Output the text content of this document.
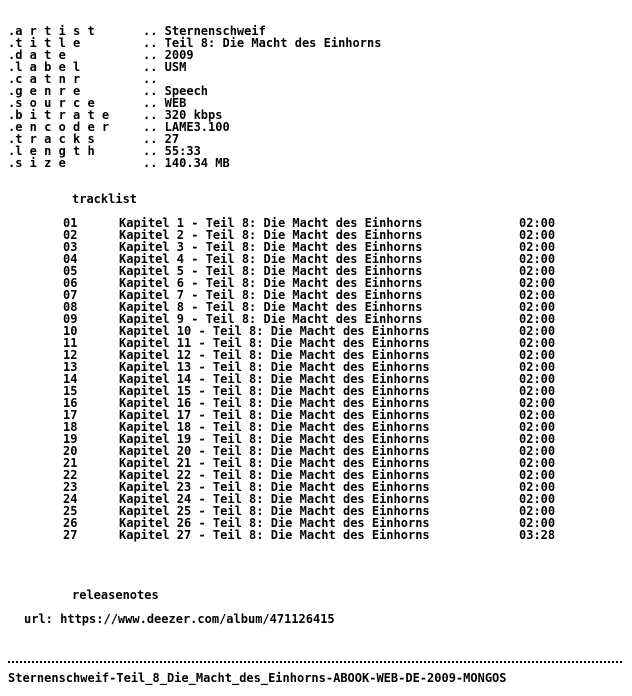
.a r t i s t	.. Sternenschweif
.t i t l e	.. Teil 8: Die Macht des Einhorns
.d a t e	.. 2009
.l a b e l	.. USM
.c a t n r	..
.g e n r e	.. Speech
.s o u r c e	.. WEB
.b i t r a t e	.. 320 kbps
.e n c o d e r	.. LAME3.100
.t r a c k s	.. 27
.l e n g t h	.. 55:33
.s i z e	.. 140.34 MB
tracklist
01	Kapitel 1 - Teil 8: Die Macht des Einhorns	02:00
02	Kapitel 2 - Teil 8: Die Macht des Einhorns	02:00
03	Kapitel 3 - Teil 8: Die Macht des Einhorns	02:00
04	Kapitel 4 - Teil 8: Die Macht des Einhorns	02:00
05	Kapitel 5 - Teil 8: Die Macht des Einhorns	02:00
06	Kapitel 6 - Teil 8: Die Macht des Einhorns	02:00
07	Kapitel 7 - Teil 8: Die Macht des Einhorns	02:00
08	Kapitel 8 - Teil 8: Die Macht des Einhorns	02:00
09	Kapitel 9 - Teil 8: Die Macht des Einhorns	02:00
10	Kapitel 10 - Teil 8: Die Macht des Einhorns	02:00
11	Kapitel 11 - Teil 8: Die Macht des Einhorns	02:00
12	Kapitel 12 - Teil 8: Die Macht des Einhorns	02:00
13	Kapitel 13 - Teil 8: Die Macht des Einhorns	02:00
14	Kapitel 14 - Teil 8: Die Macht des Einhorns	02:00
15	Kapitel 15 - Teil 8: Die Macht des Einhorns	02:00
16	Kapitel 16 - Teil 8: Die Macht des Einhorns	02:00
17	Kapitel 17 - Teil 8: Die Macht des Einhorns	02:00
18	Kapitel 18 - Teil 8: Die Macht des Einhorns	02:00
19	Kapitel 19 - Teil 8: Die Macht des Einhorns	02:00
20	Kapitel 20 - Teil 8: Die Macht des Einhorns	02:00
21	Kapitel 21 - Teil 8: Die Macht des Einhorns	02:00
22	Kapitel 22 - Teil 8: Die Macht des Einhorns	02:00
23	Kapitel 23 - Teil 8: Die Macht des Einhorns	02:00
24	Kapitel 24 - Teil 8: Die Macht des Einhorns	02:00
25	Kapitel 25 - Teil 8: Die Macht des Einhorns	02:00
26	Kapitel 26 - Teil 8: Die Macht des Einhorns	02:00
27	Kapitel 27 - Teil 8: Die Macht des Einhorns	03:28
releasenotes
url: https://www.deezer.com/album/471126415
Sternenschweif-Teil_8_Die_Macht_des_Einhorns-ABOOK-WEB-DE-2009-MONGOS
